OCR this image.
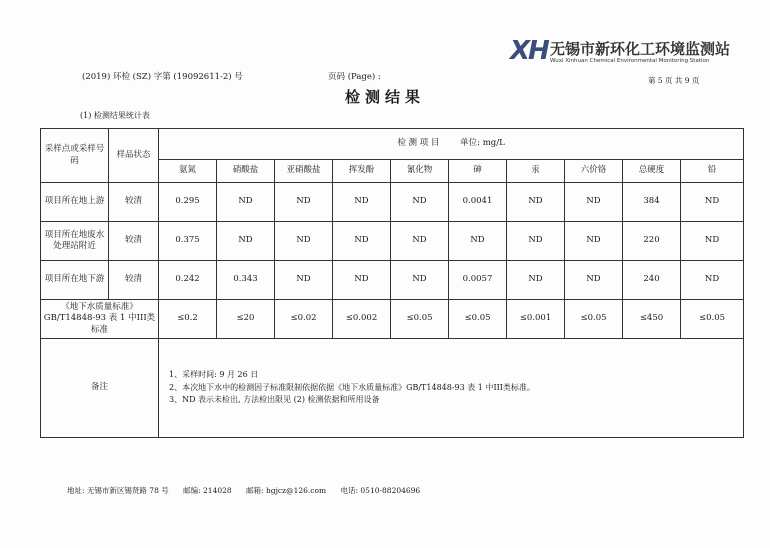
XH 无锡市新环化工环境监测站
Wuxi Xinhuan Chemical Environmental Monitoring Station
(2019) 环检 (SZ) 字第 (19092611-2) 号	页码 (Page) :	第 5 页 共 9 页
检测结果
(1) 检测结果统计表
采样点或采样号码	样品状态	检 测 项 目 单位: mg/L									
		氨氮	硝酸盐	亚硝酸盐	挥发酚	氰化物	砷	汞	六价铬	总硬度	铅
项目所在地上游	较清	0.295	ND	ND	ND	ND	0.0041	ND	ND	384	ND
项目所在地废水处理站附近	较清	0.375	ND	ND	ND	ND	ND	ND	ND	220	ND
项目所在地下游	较清	0.242	0.343	ND	ND	ND	0.0057	ND	ND	240	ND
《地下水质量标准》GB/T14848-93 表 1 中III类标准		≤0.2	≤20	≤0.02	≤0.002	≤0.05	≤0.05	≤0.001	≤0.05	≤450	≤0.05
备注		1、采样时间: 9 月 26 日
2、本次地下水中的检测因子标准限制依据依据《地下水质量标准》GB/T14848-93 表 1 中III类标准。
3、ND 表示未检出, 方法检出限见 (2) 检测依据和所用设备									
地址: 无锡市新区锡贤路 78 号 邮编: 214028 邮箱: hgjcz@126.com 电话: 0510-88204696
